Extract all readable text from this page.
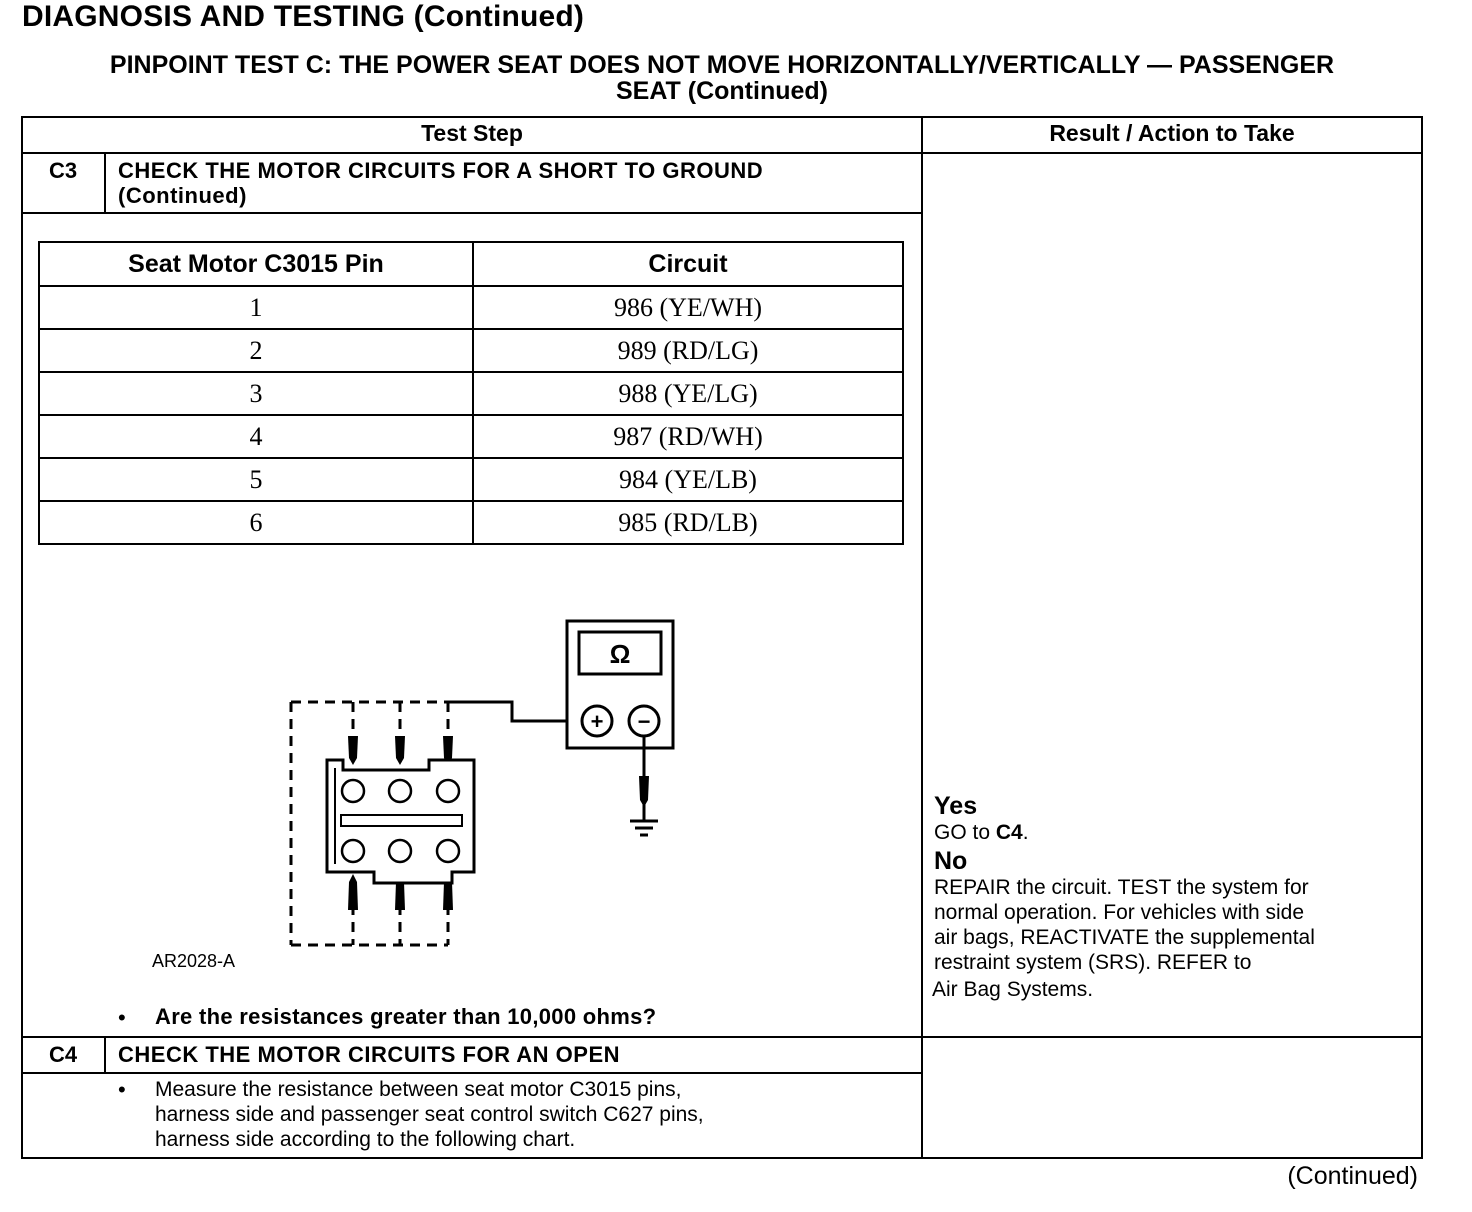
DIAGNOSIS AND TESTING (Continued)
PINPOINT TEST C: THE POWER SEAT DOES NOT MOVE HORIZONTALLY/VERTICALLY — PASSENGER
SEAT (Continued)
Test Step	Result / Action to Take
C3	CHECK THE MOTOR CIRCUITS FOR A SHORT TO GROUND
(Continued)
Seat Motor C3015 Pin	Circuit
1	986 (YE/WH)
2	989 (RD/LG)
3	988 (YE/LG)
4	987 (RD/WH)
5	984 (YE/LB)
6	985 (RD/LB)
Ω
+ −
AR2028-A
• Are the resistances greater than 10,000 ohms?
Yes
GO to C4.
No
REPAIR the circuit. TEST the system for
normal operation. For vehicles with side
air bags, REACTIVATE the supplemental
restraint system (SRS). REFER to
Air Bag Systems.
C4	CHECK THE MOTOR CIRCUITS FOR AN OPEN
• Measure the resistance between seat motor C3015 pins,
harness side and passenger seat control switch C627 pins,
harness side according to the following chart.
(Continued)
